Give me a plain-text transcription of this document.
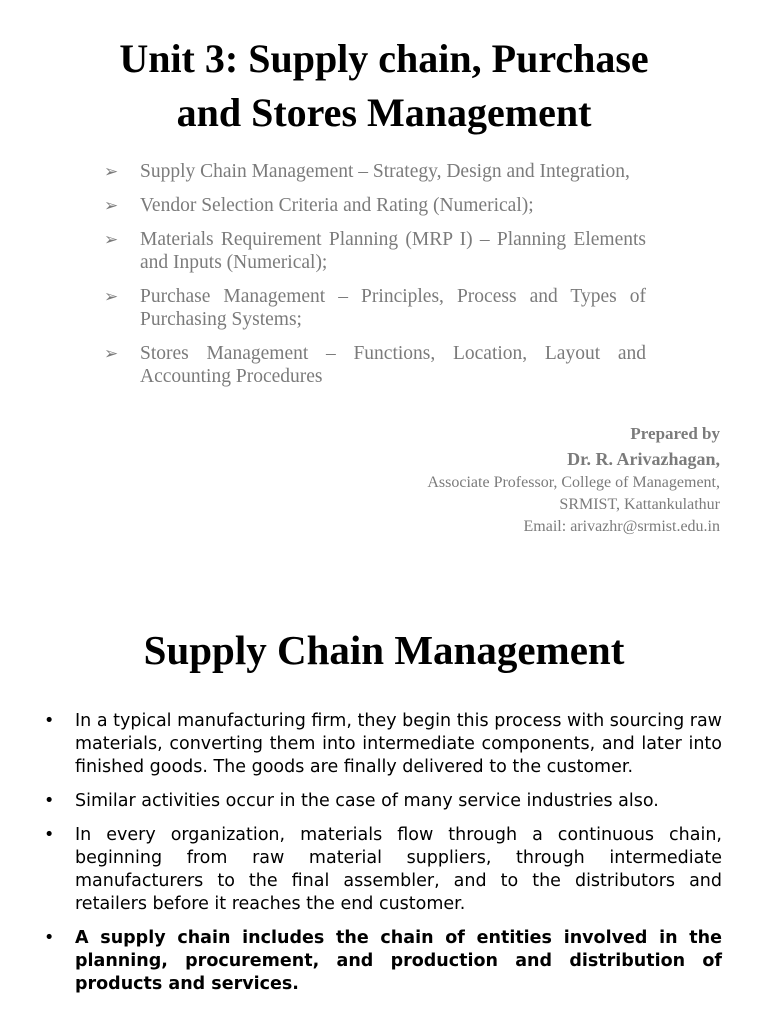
Unit 3: Supply chain, Purchase
and Stores Management
➢ Supply Chain Management – Strategy, Design and Integration,
➢ Vendor Selection Criteria and Rating (Numerical);
➢ Materials Requirement Planning (MRP I) – Planning Elements and Inputs (Numerical);
➢ Purchase Management – Principles, Process and Types of Purchasing Systems;
➢ Stores Management – Functions, Location, Layout and Accounting Procedures
Prepared by
Dr. R. Arivazhagan,
Associate Professor, College of Management,
SRMIST, Kattankulathur
Email: arivazhr@srmist.edu.in
Supply Chain Management
• In a typical manufacturing firm, they begin this process with sourcing raw materials, converting them into intermediate components, and later into finished goods. The goods are finally delivered to the customer.
• Similar activities occur in the case of many service industries also.
• In every organization, materials flow through a continuous chain, beginning from raw material suppliers, through intermediate manufacturers to the final assembler, and to the distributors and retailers before it reaches the end customer.
• A supply chain includes the chain of entities involved in the planning, procurement, and production and distribution of products and services.
